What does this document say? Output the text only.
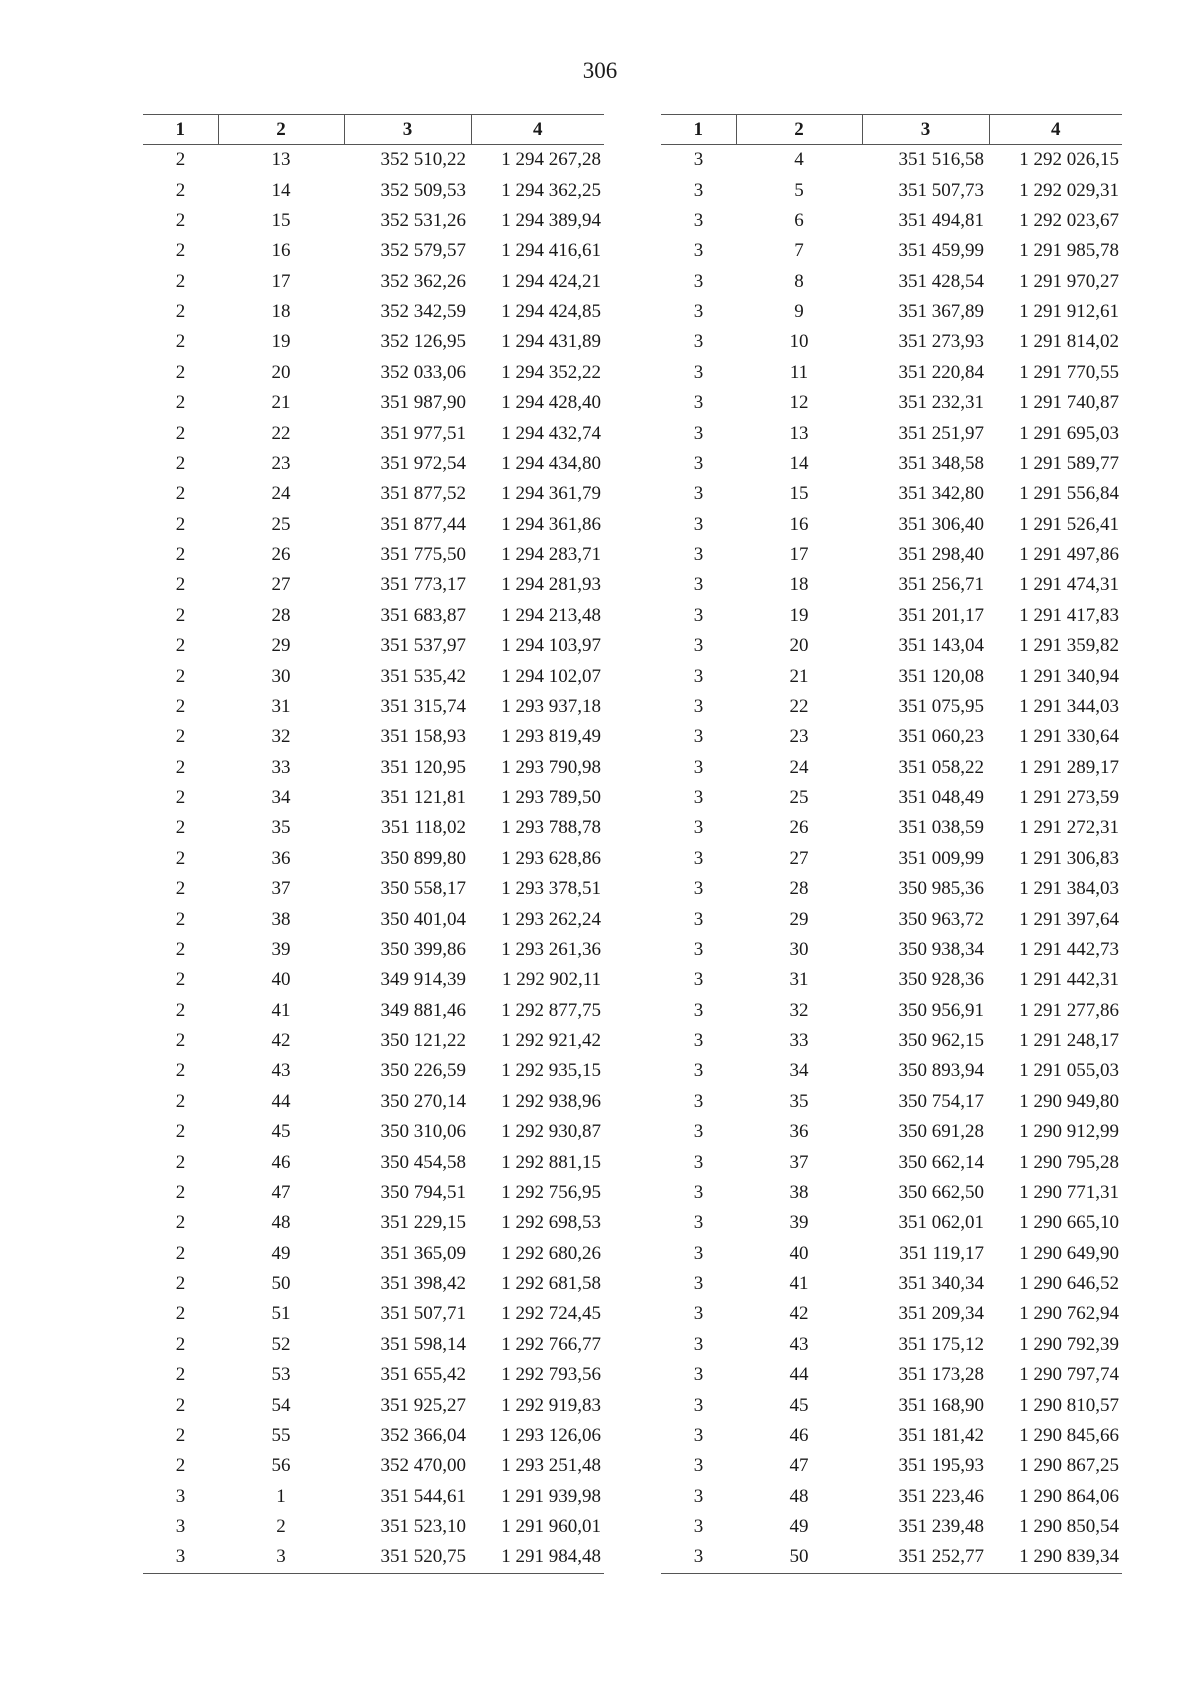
306
1	2	3	4
2	13	352 510,22	1 294 267,28
2	14	352 509,53	1 294 362,25
2	15	352 531,26	1 294 389,94
2	16	352 579,57	1 294 416,61
2	17	352 362,26	1 294 424,21
2	18	352 342,59	1 294 424,85
2	19	352 126,95	1 294 431,89
2	20	352 033,06	1 294 352,22
2	21	351 987,90	1 294 428,40
2	22	351 977,51	1 294 432,74
2	23	351 972,54	1 294 434,80
2	24	351 877,52	1 294 361,79
2	25	351 877,44	1 294 361,86
2	26	351 775,50	1 294 283,71
2	27	351 773,17	1 294 281,93
2	28	351 683,87	1 294 213,48
2	29	351 537,97	1 294 103,97
2	30	351 535,42	1 294 102,07
2	31	351 315,74	1 293 937,18
2	32	351 158,93	1 293 819,49
2	33	351 120,95	1 293 790,98
2	34	351 121,81	1 293 789,50
2	35	351 118,02	1 293 788,78
2	36	350 899,80	1 293 628,86
2	37	350 558,17	1 293 378,51
2	38	350 401,04	1 293 262,24
2	39	350 399,86	1 293 261,36
2	40	349 914,39	1 292 902,11
2	41	349 881,46	1 292 877,75
2	42	350 121,22	1 292 921,42
2	43	350 226,59	1 292 935,15
2	44	350 270,14	1 292 938,96
2	45	350 310,06	1 292 930,87
2	46	350 454,58	1 292 881,15
2	47	350 794,51	1 292 756,95
2	48	351 229,15	1 292 698,53
2	49	351 365,09	1 292 680,26
2	50	351 398,42	1 292 681,58
2	51	351 507,71	1 292 724,45
2	52	351 598,14	1 292 766,77
2	53	351 655,42	1 292 793,56
2	54	351 925,27	1 292 919,83
2	55	352 366,04	1 293 126,06
2	56	352 470,00	1 293 251,48
3	1	351 544,61	1 291 939,98
3	2	351 523,10	1 291 960,01
3	3	351 520,75	1 291 984,48
1	2	3	4
3	4	351 516,58	1 292 026,15
3	5	351 507,73	1 292 029,31
3	6	351 494,81	1 292 023,67
3	7	351 459,99	1 291 985,78
3	8	351 428,54	1 291 970,27
3	9	351 367,89	1 291 912,61
3	10	351 273,93	1 291 814,02
3	11	351 220,84	1 291 770,55
3	12	351 232,31	1 291 740,87
3	13	351 251,97	1 291 695,03
3	14	351 348,58	1 291 589,77
3	15	351 342,80	1 291 556,84
3	16	351 306,40	1 291 526,41
3	17	351 298,40	1 291 497,86
3	18	351 256,71	1 291 474,31
3	19	351 201,17	1 291 417,83
3	20	351 143,04	1 291 359,82
3	21	351 120,08	1 291 340,94
3	22	351 075,95	1 291 344,03
3	23	351 060,23	1 291 330,64
3	24	351 058,22	1 291 289,17
3	25	351 048,49	1 291 273,59
3	26	351 038,59	1 291 272,31
3	27	351 009,99	1 291 306,83
3	28	350 985,36	1 291 384,03
3	29	350 963,72	1 291 397,64
3	30	350 938,34	1 291 442,73
3	31	350 928,36	1 291 442,31
3	32	350 956,91	1 291 277,86
3	33	350 962,15	1 291 248,17
3	34	350 893,94	1 291 055,03
3	35	350 754,17	1 290 949,80
3	36	350 691,28	1 290 912,99
3	37	350 662,14	1 290 795,28
3	38	350 662,50	1 290 771,31
3	39	351 062,01	1 290 665,10
3	40	351 119,17	1 290 649,90
3	41	351 340,34	1 290 646,52
3	42	351 209,34	1 290 762,94
3	43	351 175,12	1 290 792,39
3	44	351 173,28	1 290 797,74
3	45	351 168,90	1 290 810,57
3	46	351 181,42	1 290 845,66
3	47	351 195,93	1 290 867,25
3	48	351 223,46	1 290 864,06
3	49	351 239,48	1 290 850,54
3	50	351 252,77	1 290 839,34
